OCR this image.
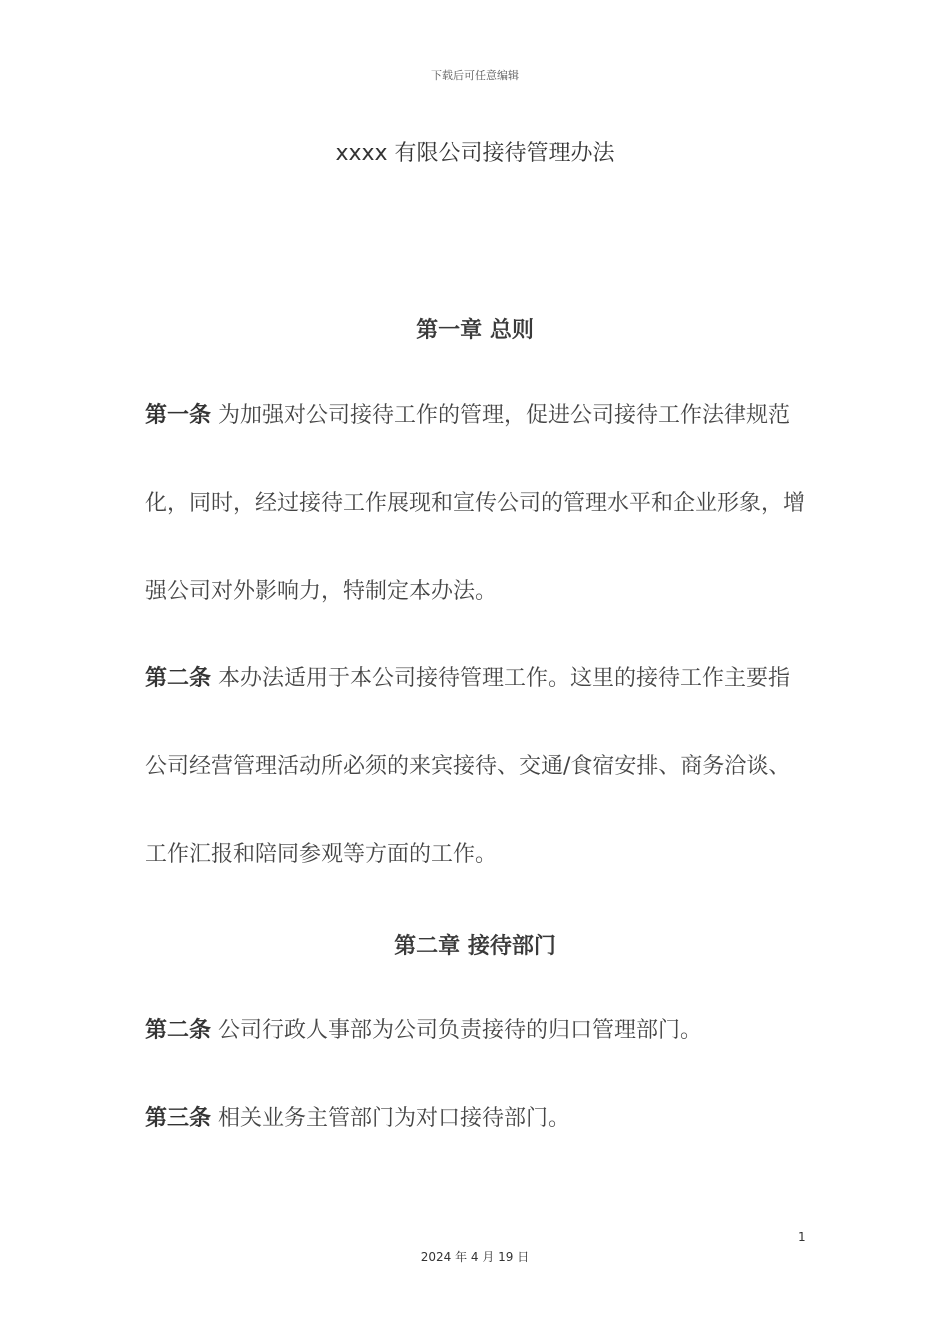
下载后可任意编辑
xxxx 有限公司接待管理办法
第一章 总则
第一条 为加强对公司接待工作的管理，促进公司接待工作法律规范化，同时，经过接待工作展现和宣传公司的管理水平和企业形象，增强公司对外影响力，特制定本办法。
第二条 本办法适用于本公司接待管理工作。这里的接待工作主要指公司经营管理活动所必须的来宾接待、交通/食宿安排、商务洽谈、工作汇报和陪同参观等方面的工作。
第二章 接待部门
第二条 公司行政人事部为公司负责接待的归口管理部门。
第三条 相关业务主管部门为对口接待部门。
1
2024 年 4 月 19 日
